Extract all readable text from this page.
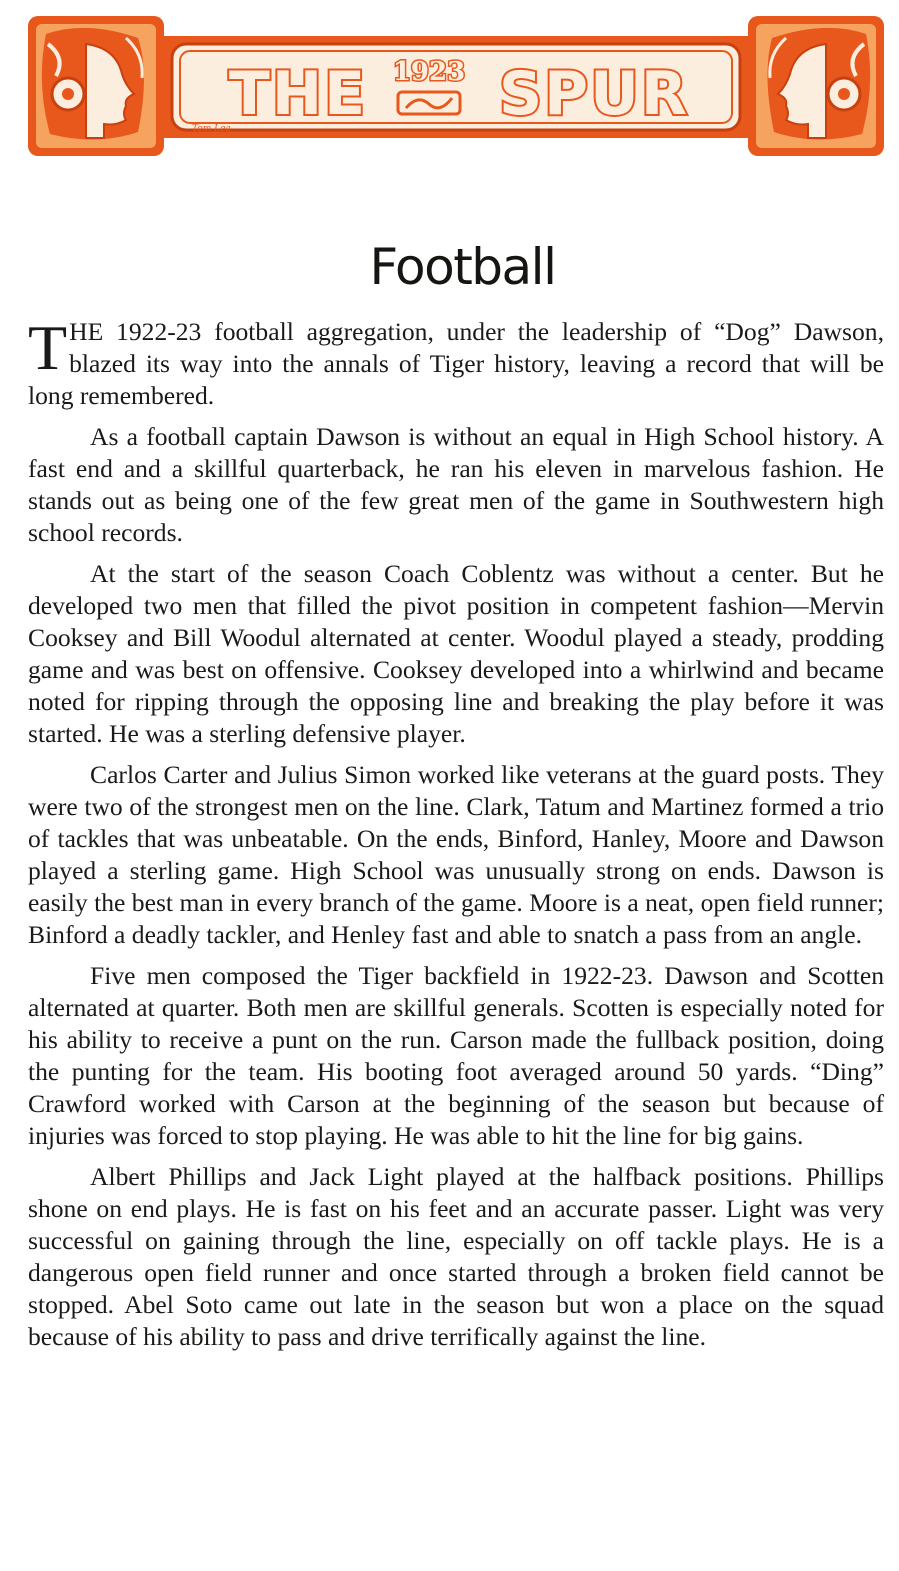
THE 1923 SPUR
Tom Lea
Football

THE 1922-23 football aggregation, under the leadership of “Dog” Dawson, blazed its way into the annals of Tiger history, leaving a record that will be long remembered.

As a football captain Dawson is without an equal in High School history. A fast end and a skillful quarterback, he ran his eleven in marvelous fashion. He stands out as being one of the few great men of the game in Southwestern high school records.

At the start of the season Coach Coblentz was without a center. But he developed two men that filled the pivot position in competent fashion—Mervin Cooksey and Bill Woodul alternated at center. Woodul played a steady, prodding game and was best on offensive. Cooksey developed into a whirlwind and became noted for ripping through the opposing line and breaking the play before it was started. He was a sterling defensive player.

Carlos Carter and Julius Simon worked like veterans at the guard posts. They were two of the strongest men on the line. Clark, Tatum and Martinez formed a trio of tackles that was unbeatable. On the ends, Binford, Hanley, Moore and Dawson played a sterling game. High School was unusually strong on ends. Dawson is easily the best man in every branch of the game. Moore is a neat, open field runner; Binford a deadly tackler, and Henley fast and able to snatch a pass from an angle.

Five men composed the Tiger backfield in 1922-23. Dawson and Scotten alternated at quarter. Both men are skillful generals. Scotten is especially noted for his ability to receive a punt on the run. Carson made the fullback position, doing the punting for the team. His booting foot averaged around 50 yards. “Ding” Crawford worked with Carson at the beginning of the season but because of injuries was forced to stop playing. He was able to hit the line for big gains.

Albert Phillips and Jack Light played at the halfback positions. Phillips shone on end plays. He is fast on his feet and an accurate passer. Light was very successful on gaining through the line, especially on off tackle plays. He is a dangerous open field runner and once started through a broken field cannot be stopped. Abel Soto came out late in the season but won a place on the squad because of his ability to pass and drive terrifically against the line.
